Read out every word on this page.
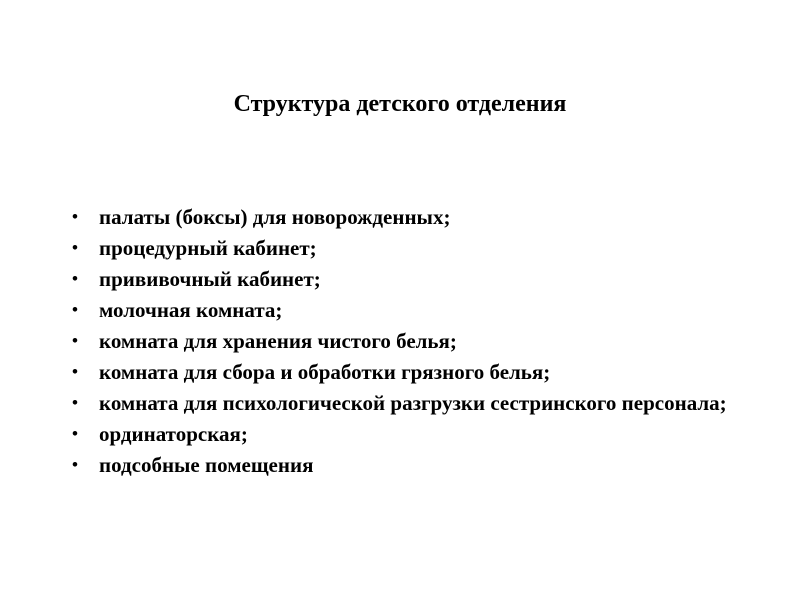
Структура детского отделения
•	палаты (боксы) для новорожденных;
•	процедурный кабинет;
•	прививочный кабинет;
•	молочная комната;
•	комната для хранения чистого белья;
•	комната для сбора и обработки грязного белья;
•	комната для психологической разгрузки сестринского персонала;
•	ординаторская;
•	подсобные помещения
